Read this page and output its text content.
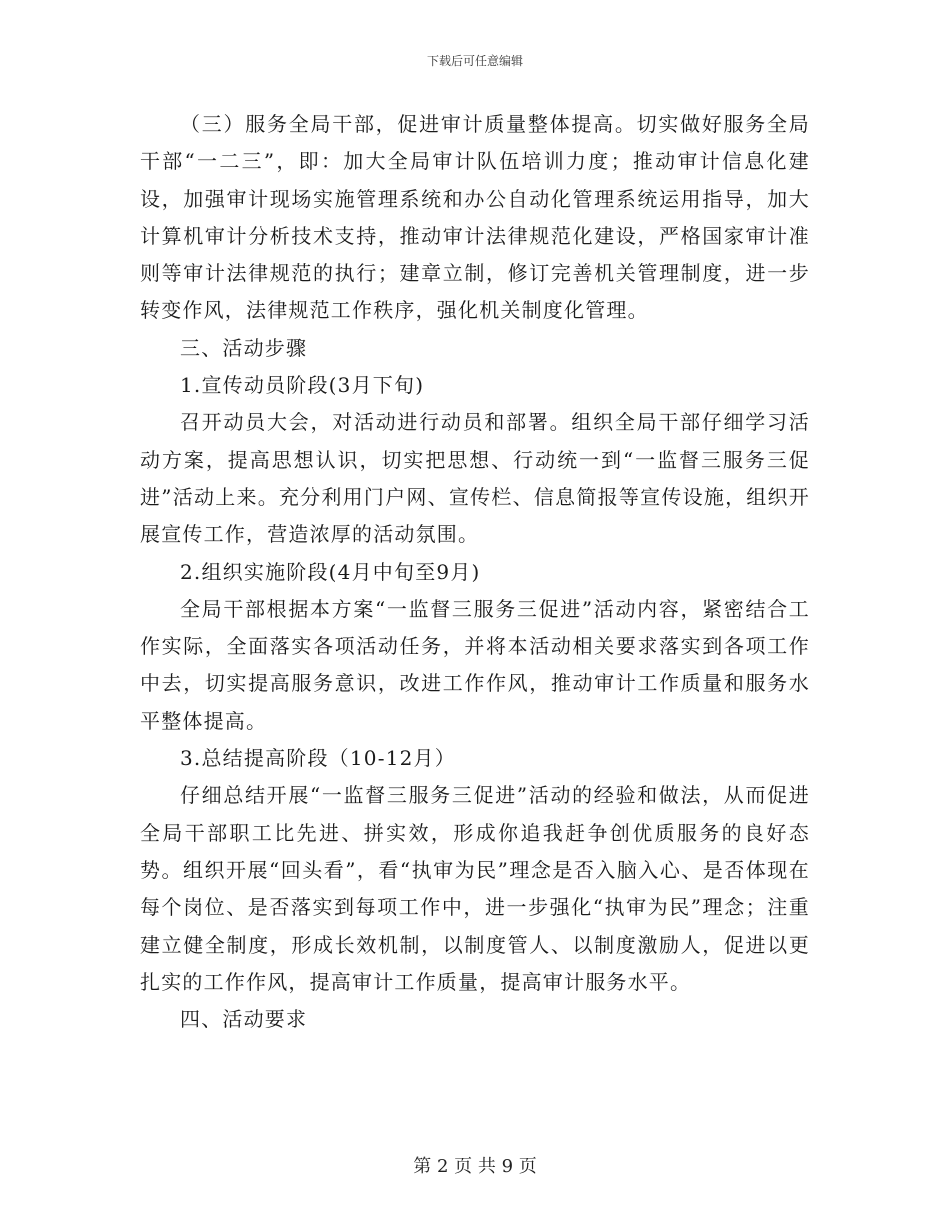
下载后可任意编辑

（三）服务全局干部，促进审计质量整体提高。切实做好服务全局干部“一二三”，即：加大全局审计队伍培训力度；推动审计信息化建设，加强审计现场实施管理系统和办公自动化管理系统运用指导，加大计算机审计分析技术支持，推动审计法律规范化建设，严格国家审计准则等审计法律规范的执行；建章立制，修订完善机关管理制度，进一步转变作风，法律规范工作秩序，强化机关制度化管理。

三、活动步骤

1.宣传动员阶段(3月下旬)

召开动员大会，对活动进行动员和部署。组织全局干部仔细学习活动方案，提高思想认识，切实把思想、行动统一到“一监督三服务三促进”活动上来。充分利用门户网、宣传栏、信息简报等宣传设施，组织开展宣传工作，营造浓厚的活动氛围。

2.组织实施阶段(4月中旬至9月)

全局干部根据本方案“一监督三服务三促进”活动内容，紧密结合工作实际，全面落实各项活动任务，并将本活动相关要求落实到各项工作中去，切实提高服务意识，改进工作作风，推动审计工作质量和服务水平整体提高。

3.总结提高阶段（10-12月）

仔细总结开展“一监督三服务三促进”活动的经验和做法，从而促进全局干部职工比先进、拼实效，形成你追我赶争创优质服务的良好态势。组织开展“回头看”，看“执审为民”理念是否入脑入心、是否体现在每个岗位、是否落实到每项工作中，进一步强化“执审为民”理念；注重建立健全制度，形成长效机制，以制度管人、以制度激励人，促进以更扎实的工作作风，提高审计工作质量，提高审计服务水平。

四、活动要求

第 2 页 共 9 页
